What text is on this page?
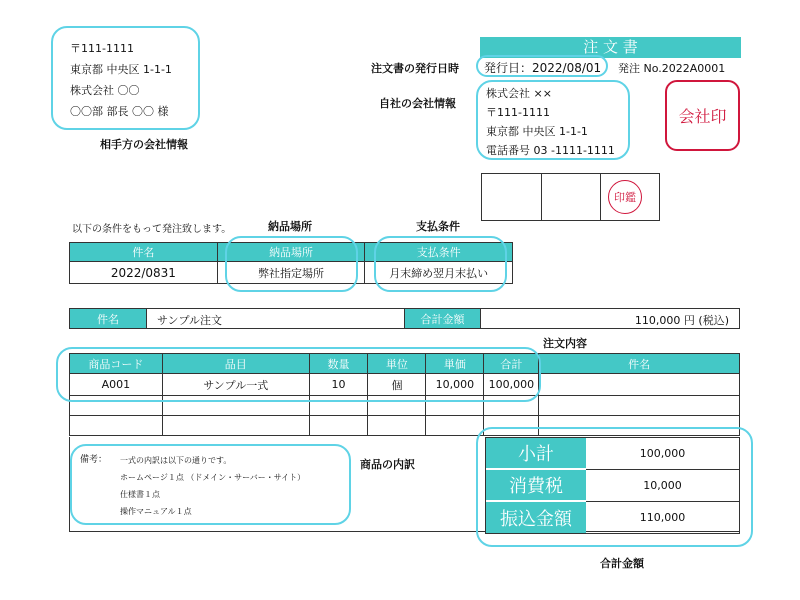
〒111-1111
東京都 中央区 1-1-1
株式会社 〇〇
〇〇部 部長 〇〇 様
相手方の会社情報
注 文 書
注文書の発行日時 発行日：2022/08/01 発注 No.2022A0001
自社の会社情報
株式会社 ××
〒111-1111
東京都 中央区 1-1-1
電話番号 03 -1111-1111
会社印
印鑑
以下の条件をもって発注致します。	納品場所	支払条件
件名	納品場所	支払条件
2022/0831	弊社指定場所	月末締め翌月末払い
件名	サンプル注文	合計金額	110,000 円 (税込)
注文内容
商品コード	品目	数量	単位	単価	合計	件名
A001	サンプル一式	10	個	10,000	100,000	

備考： 一式の内訳は以下の通りです。
ホームページ１点 （ドメイン・サーバー・サイト）
仕様書１点
操作マニュアル１点
商品の内訳	小計	100,000
消費税	10,000
振込金額	110,000
合計金額
